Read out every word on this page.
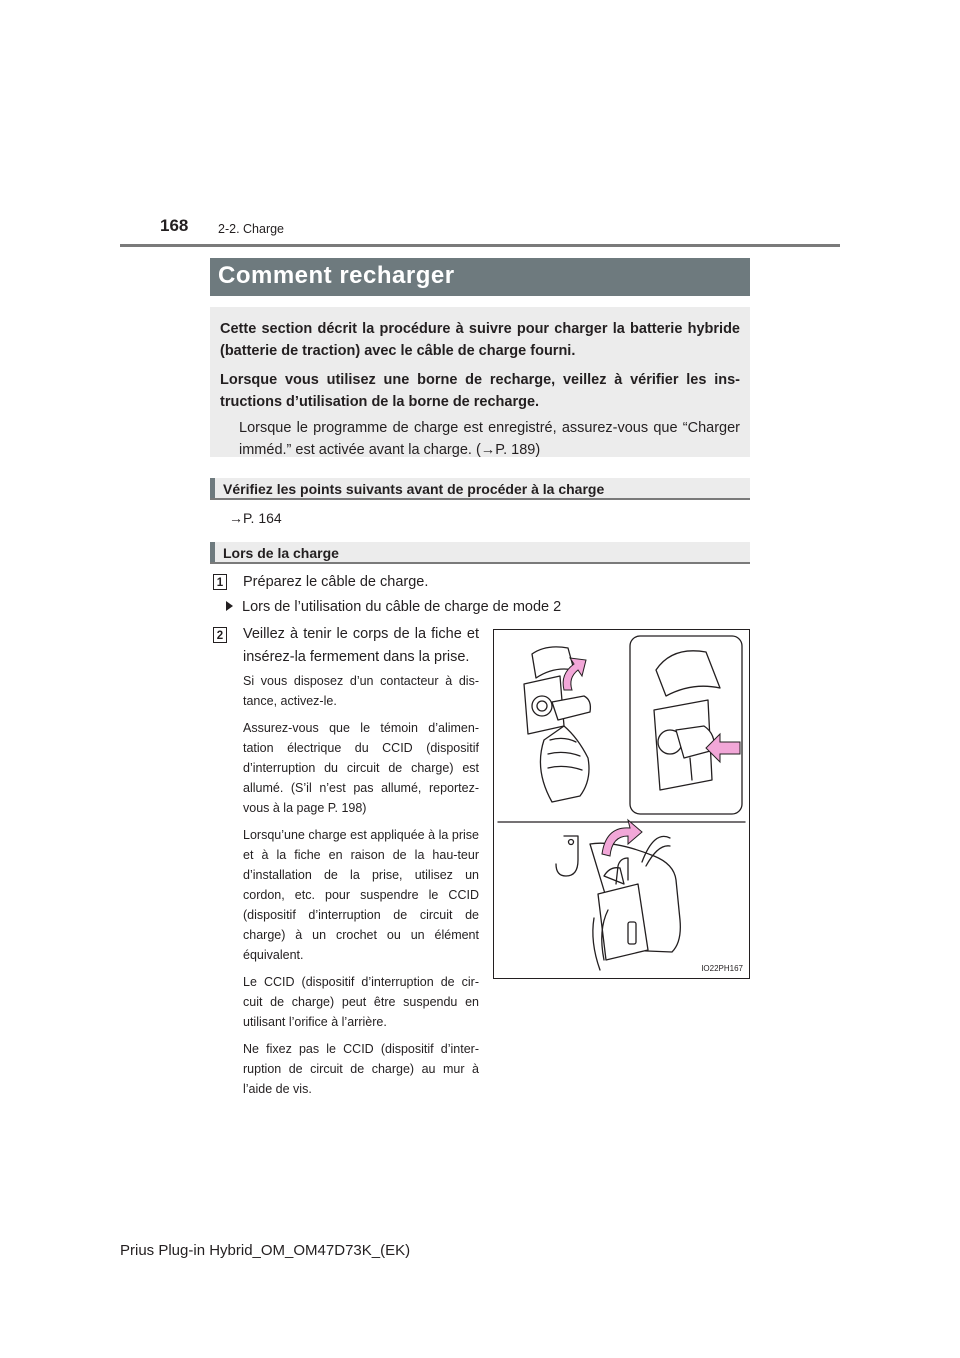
168 2-2. Charge
Comment recharger

Cette section décrit la procédure à suivre pour charger la batterie hybride (batterie de traction) avec le câble de charge fourni.

Lorsque vous utilisez une borne de recharge, veillez à vérifier les ins-tructions d’utilisation de la borne de recharge.

Lorsque le programme de charge est enregistré, assurez-vous que “Charger imméd.” est activée avant la charge. (→P. 189)

Vérifiez les points suivants avant de procéder à la charge
→P. 164
Lors de la charge
1 Préparez le câble de charge.
Lors de l’utilisation du câble de charge de mode 2
2 Veillez à tenir le corps de la fiche et insérez-la fermement dans la prise.

Si vous disposez d’un contacteur à dis-tance, activez-le.

Assurez-vous que le témoin d’alimen-tation électrique du CCID (dispositif d’interruption du circuit de charge) est allumé. (S’il n’est pas allumé, reportez-vous à la page P. 198)

Lorsqu’une charge est appliquée à la prise et à la fiche en raison de la hau-teur d’installation de la prise, utilisez un cordon, etc. pour suspendre le CCID (dispositif d’interruption de circuit de charge) à un crochet ou un élément équivalent.

Le CCID (dispositif d’interruption de cir-cuit de charge) peut être suspendu en utilisant l’orifice à l’arrière.

Ne fixez pas le CCID (dispositif d’inter-ruption de circuit de charge) au mur à l’aide de vis.

IO22PH167
Prius Plug-in Hybrid_OM_OM47D73K_(EK)
